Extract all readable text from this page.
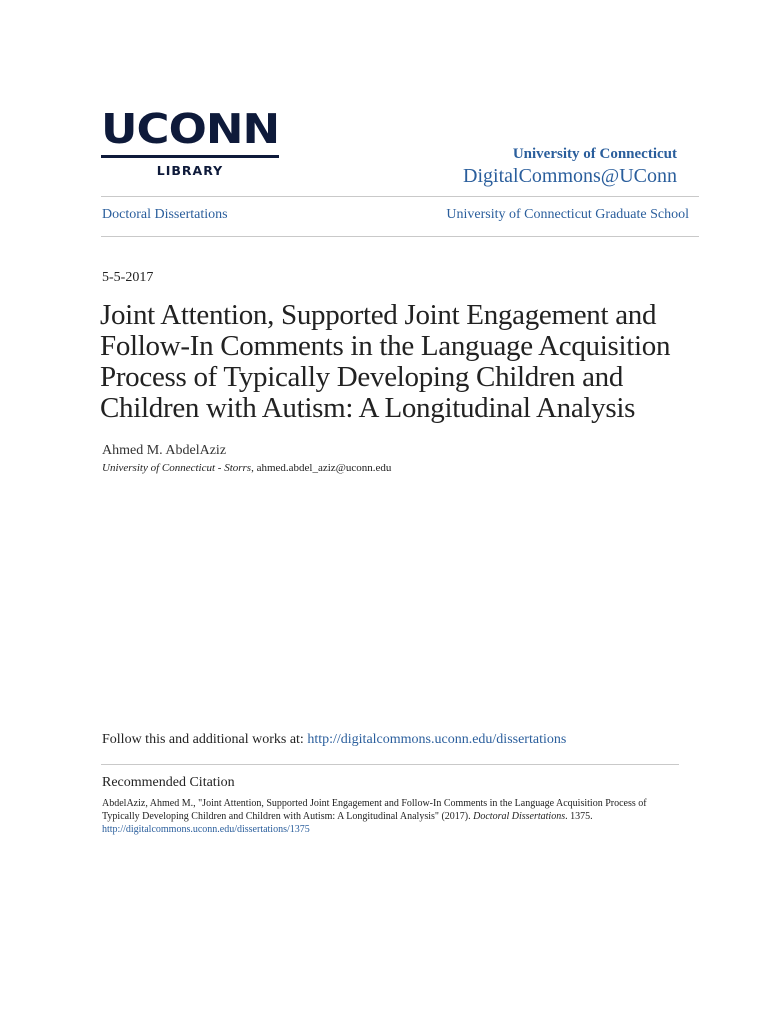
UCONN
LIBRARY
University of Connecticut
DigitalCommons@UConn
Doctoral Dissertations	University of Connecticut Graduate School
5-5-2017
Joint Attention, Supported Joint Engagement and
Follow-In Comments in the Language Acquisition
Process of Typically Developing Children and
Children with Autism: A Longitudinal Analysis
Ahmed M. AbdelAziz
University of Connecticut - Storrs, ahmed.abdel_aziz@uconn.edu
Follow this and additional works at: http://digitalcommons.uconn.edu/dissertations
Recommended Citation
AbdelAziz, Ahmed M., "Joint Attention, Supported Joint Engagement and Follow-In Comments in the Language Acquisition Process of Typically Developing Children and Children with Autism: A Longitudinal Analysis" (2017). Doctoral Dissertations. 1375.
http://digitalcommons.uconn.edu/dissertations/1375
